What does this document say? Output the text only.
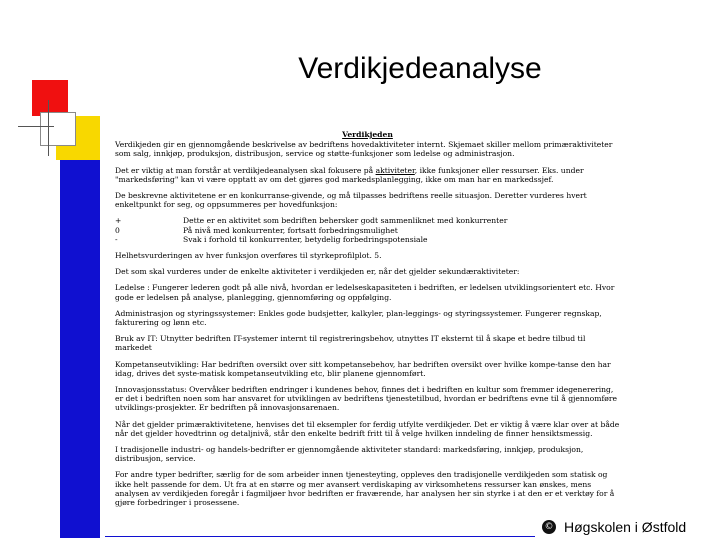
Verdikjedeanalyse

Verdikjeden

Verdikjeden gir en gjennomgående beskrivelse av bedriftens hovedaktiviteter internt. Skjemaet skiller mellom primæraktiviteter som salg, innkjøp, produksjon, distribusjon, service og støtte-funksjoner som ledelse og administrasjon.

Det er viktig at man forstår at verdikjedeanalysen skal fokusere på aktiviteter, ikke funksjoner eller ressurser. Eks. under "markedsføring" kan vi være opptatt av om det gjøres god markedsplanlegging, ikke om man har en markedssjef.

De beskrevne aktivitetene er en konkurranse-givende, og må tilpasses bedriftens reelle situasjon. Deretter vurderes hvert enkeltpunkt for seg, og oppsummeres per hovedfunksjon:

+	Dette er en aktivitet som bedriften behersker godt sammenliknet med konkurrenter
0	På nivå med konkurrenter, fortsatt forbedringsmulighet
-	Svak i forhold til konkurrenter, betydelig forbedringspotensiale

Helhetsvurderingen av hver funksjon overføres til styrkeprofilplot. 5.

Det som skal vurderes under de enkelte aktiviteter i verdikjeden er, når det gjelder sekundæraktiviteter:

Ledelse : Fungerer lederen godt på alle nivå, hvordan er ledelseskapasiteten i bedriften, er ledelsen utviklingsorientert etc. Hvor gode er ledelsen på analyse, planlegging, gjennomføring og oppfølging.

Administrasjon og styringssystemer: Enkles gode budsjetter, kalkyler, plan-leggings- og styringssystemer. Fungerer regnskap, fakturering og lønn etc.

Bruk av IT: Utnytter bedriften IT-systemer internt til registreringsbehov, utnyttes IT eksternt til å skape et bedre tilbud til markedet

Kompetanseutvikling: Har bedriften oversikt over sitt kompetansebehov, har bedriften oversikt over hvilke kompe-tanse den har idag, drives det syste-matisk kompetanseutvikling etc, blir planene gjennomført.

Innovasjonsstatus: Overvåker bedriften endringer i kundenes behov, finnes det i bedriften en kultur som fremmer idegenerering, er det i bedriften noen som har ansvaret for utviklingen av bedriftens tjenestetilbud, hvordan er bedriftens evne til å gjennomføre utviklings-prosjekter. Er bedriften på innovasjonsarenaen.

Når det gjelder primæraktivitetene, henvises det til eksempler for ferdig utfylte verdikjeder. Det er viktig å være klar over at både når det gjelder hovedtrinn og detaljnivå, står den enkelte bedrift fritt til å velge hvilken inndeling de finner hensiktsmessig.

I tradisjonelle industri- og handels-bedrifter er gjennomgående aktiviteter standard: markedsføring, innkjøp, produksjon, distribusjon, service.

For andre typer bedrifter, særlig for de som arbeider innen tjenesteyting, oppleves den tradisjonelle verdikjeden som statisk og ikke helt passende for dem. Ut fra at en større og mer avansert verdiskaping av virksomhetens ressurser kan ønskes, mens analysen av verdikjeden foregår i fagmiljøer hvor bedriften er fraværende, har analysen her sin styrke i at den er et verktøy for å gjøre forbedringer i prosessene.

© Høgskolen i Østfold
